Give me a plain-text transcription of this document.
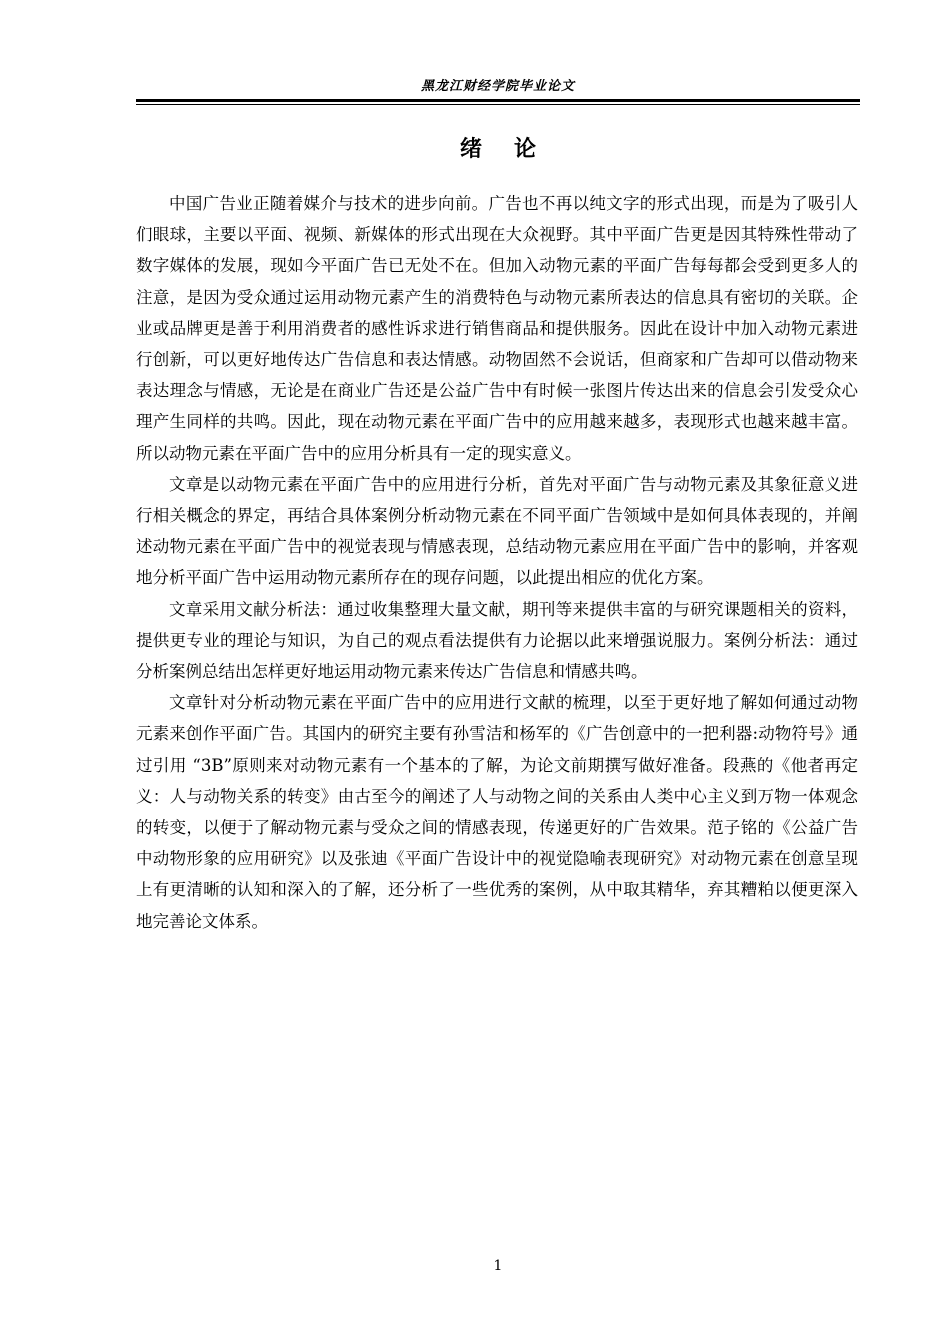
黑龙江财经学院毕业论文
绪论

中国广告业正随着媒介与技术的进步向前。广告也不再以纯文字的形式出现，而是为了吸引人们眼球，主要以平面、视频、新媒体的形式出现在大众视野。其中平面广告更是因其特殊性带动了数字媒体的发展，现如今平面广告已无处不在。但加入动物元素的平面广告每每都会受到更多人的注意，是因为受众通过运用动物元素产生的消费特色与动物元素所表达的信息具有密切的关联。企业或品牌更是善于利用消费者的感性诉求进行销售商品和提供服务。因此在设计中加入动物元素进行创新，可以更好地传达广告信息和表达情感。动物固然不会说话，但商家和广告却可以借动物来表达理念与情感，无论是在商业广告还是公益广告中有时候一张图片传达出来的信息会引发受众心理产生同样的共鸣。因此，现在动物元素在平面广告中的应用越来越多，表现形式也越来越丰富。所以动物元素在平面广告中的应用分析具有一定的现实意义。

文章是以动物元素在平面广告中的应用进行分析，首先对平面广告与动物元素及其象征意义进行相关概念的界定，再结合具体案例分析动物元素在不同平面广告领域中是如何具体表现的，并阐述动物元素在平面广告中的视觉表现与情感表现，总结动物元素应用在平面广告中的影响，并客观地分析平面广告中运用动物元素所存在的现存问题，以此提出相应的优化方案。

文章采用文献分析法：通过收集整理大量文献，期刊等来提供丰富的与研究课题相关的资料，提供更专业的理论与知识，为自己的观点看法提供有力论据以此来增强说服力。案例分析法：通过分析案例总结出怎样更好地运用动物元素来传达广告信息和情感共鸣。

文章针对分析动物元素在平面广告中的应用进行文献的梳理，以至于更好地了解如何通过动物元素来创作平面广告。其国内的研究主要有孙雪洁和杨军的《广告创意中的一把利器:动物符号》通过引用 “3B”原则来对动物元素有一个基本的了解，为论文前期撰写做好准备。段燕的《他者再定义：人与动物关系的转变》由古至今的阐述了人与动物之间的关系由人类中心主义到万物一体观念的转变，以便于了解动物元素与受众之间的情感表现，传递更好的广告效果。范子铭的《公益广告中动物形象的应用研究》以及张迪《平面广告设计中的视觉隐喻表现研究》对动物元素在创意呈现上有更清晰的认知和深入的了解，还分析了一些优秀的案例，从中取其精华，弃其糟粕以便更深入地完善论文体系。

1
